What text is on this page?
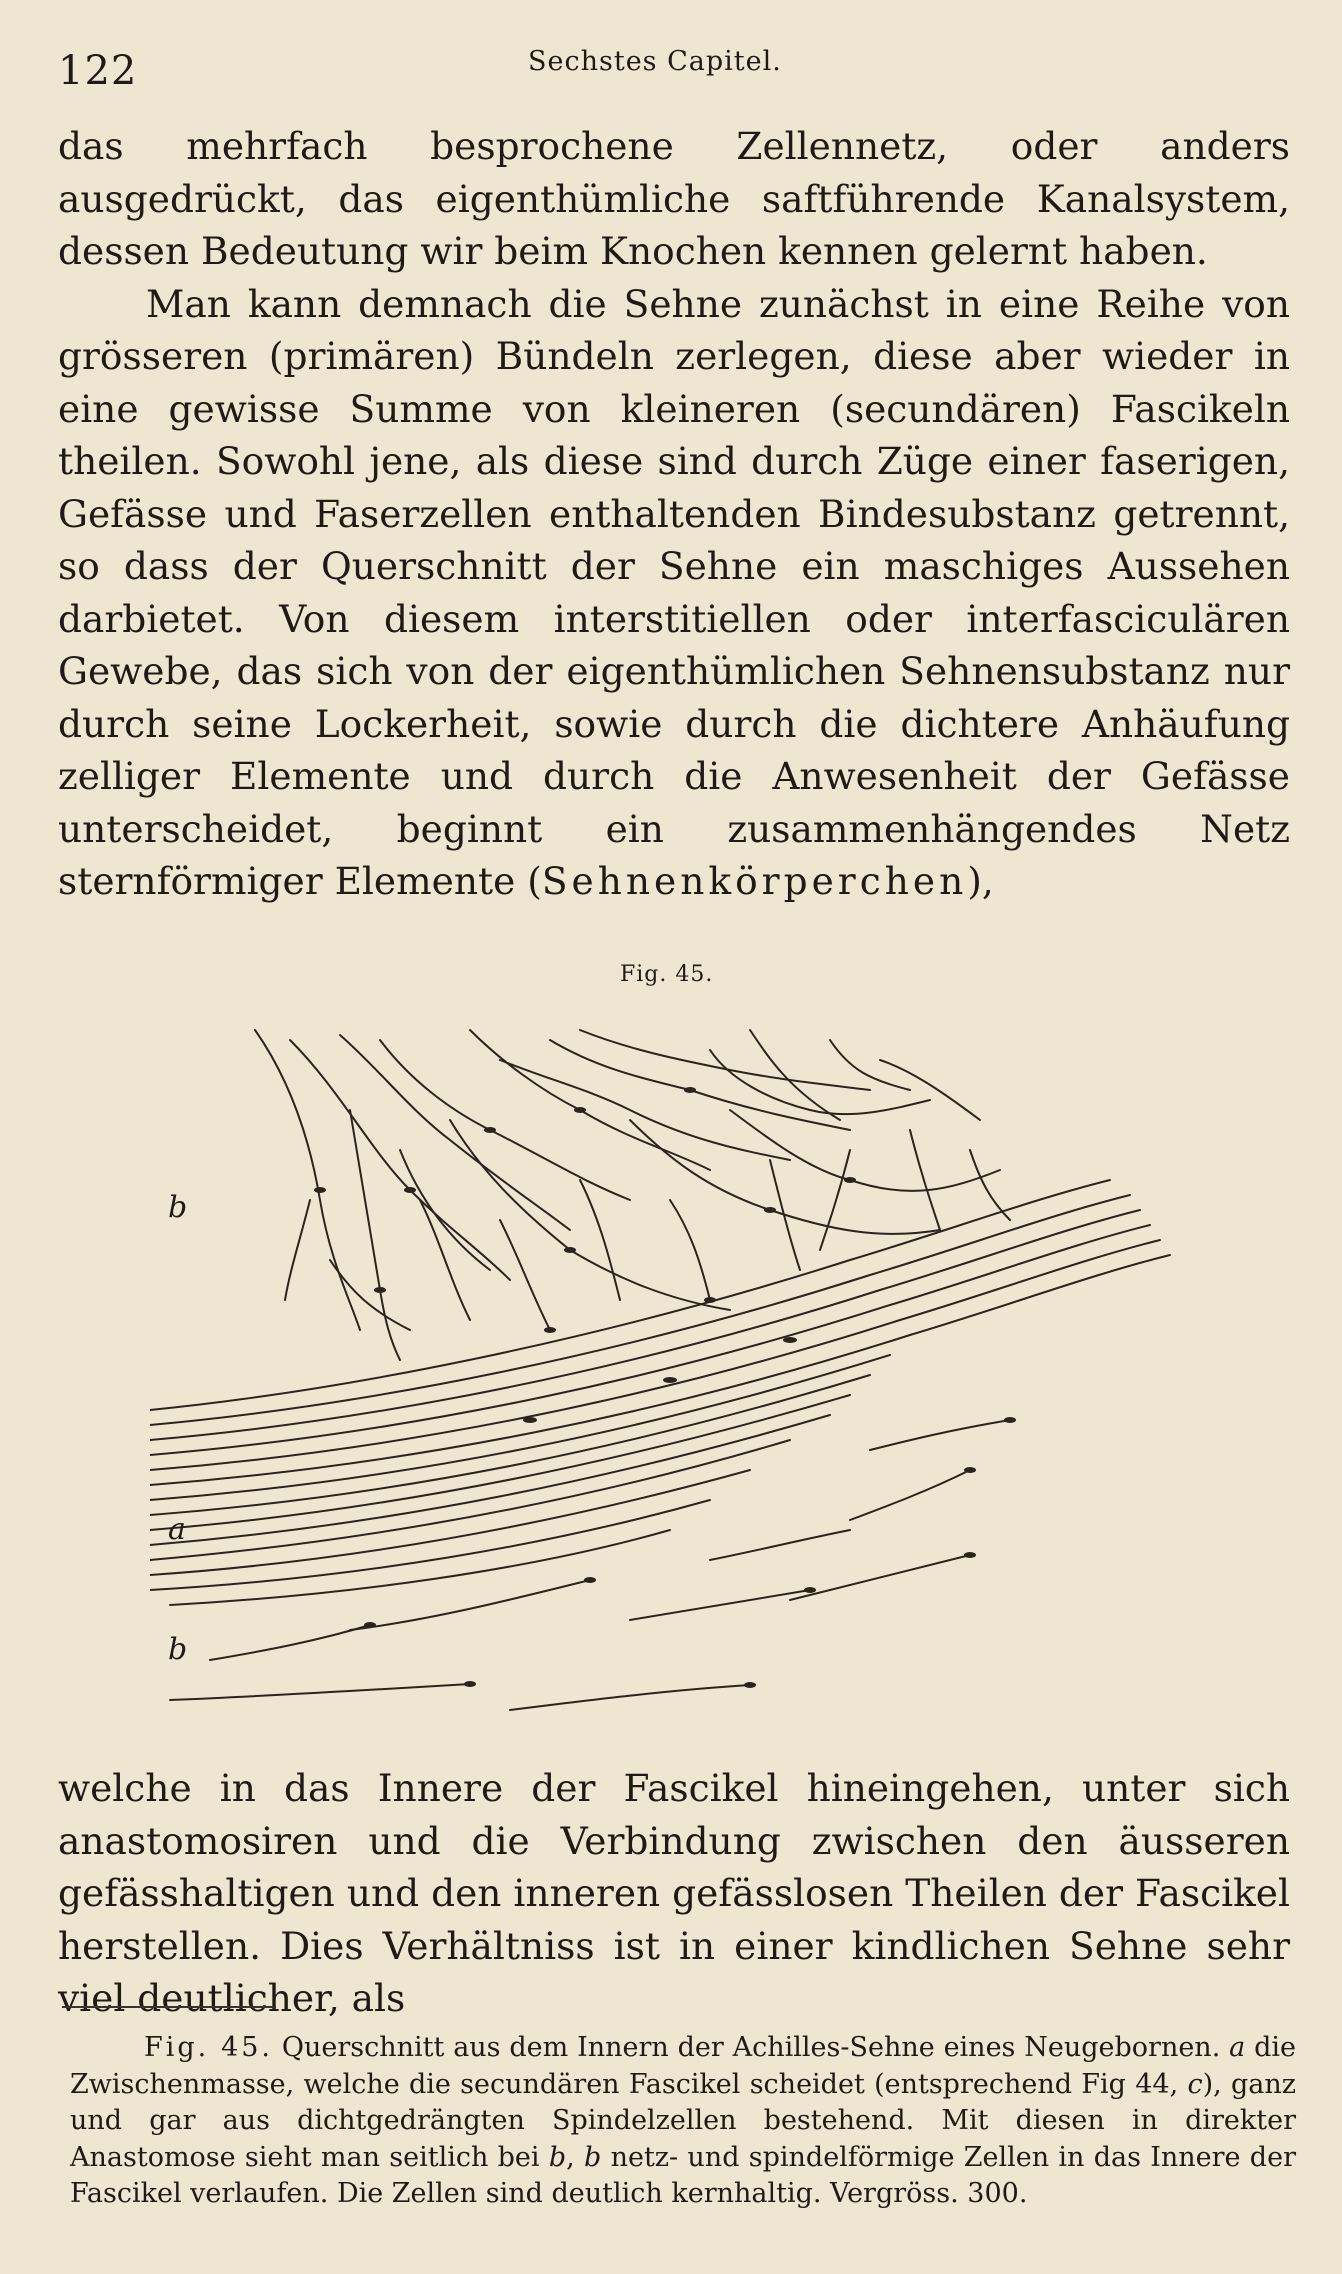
122	Sechstes Capitel.

das mehrfach besprochene Zellennetz, oder anders ausgedrückt, das eigenthümliche saftführende Kanalsystem, dessen Bedeutung wir beim Knochen kennen gelernt haben.

Man kann demnach die Sehne zunächst in eine Reihe von grösseren (primären) Bündeln zerlegen, diese aber wieder in eine gewisse Summe von kleineren (secundären) Fascikeln theilen. Sowohl jene, als diese sind durch Züge einer faserigen, Gefässe und Faserzellen enthaltenden Bindesubstanz getrennt, so dass der Querschnitt der Sehne ein maschiges Aussehen darbietet. Von diesem interstitiellen oder interfasciculären Gewebe, das sich von der eigenthümlichen Sehnensubstanz nur durch seine Lockerheit, sowie durch die dichtere Anhäufung zelliger Elemente und durch die Anwesenheit der Gefässe unterscheidet, beginnt ein zusammenhängendes Netz sternförmiger Elemente (Sehnenkörperchen),

Fig. 45.
b
a
b

welche in das Innere der Fascikel hineingehen, unter sich anastomosiren und die Verbindung zwischen den äusseren gefässhaltigen und den inneren gefässlosen Theilen der Fascikel herstellen. Dies Verhältniss ist in einer kindlichen Sehne sehr viel deutlicher, als

Fig. 45. Querschnitt aus dem Innern der Achilles-Sehne eines Neugebornen. a die Zwischenmasse, welche die secundären Fascikel scheidet (entsprechend Fig 44, c), ganz und gar aus dichtgedrängten Spindelzellen bestehend. Mit diesen in direkter Anastomose sieht man seitlich bei b, b netz- und spindelförmige Zellen in das Innere der Fascikel verlaufen. Die Zellen sind deutlich kernhaltig. Vergröss. 300.
